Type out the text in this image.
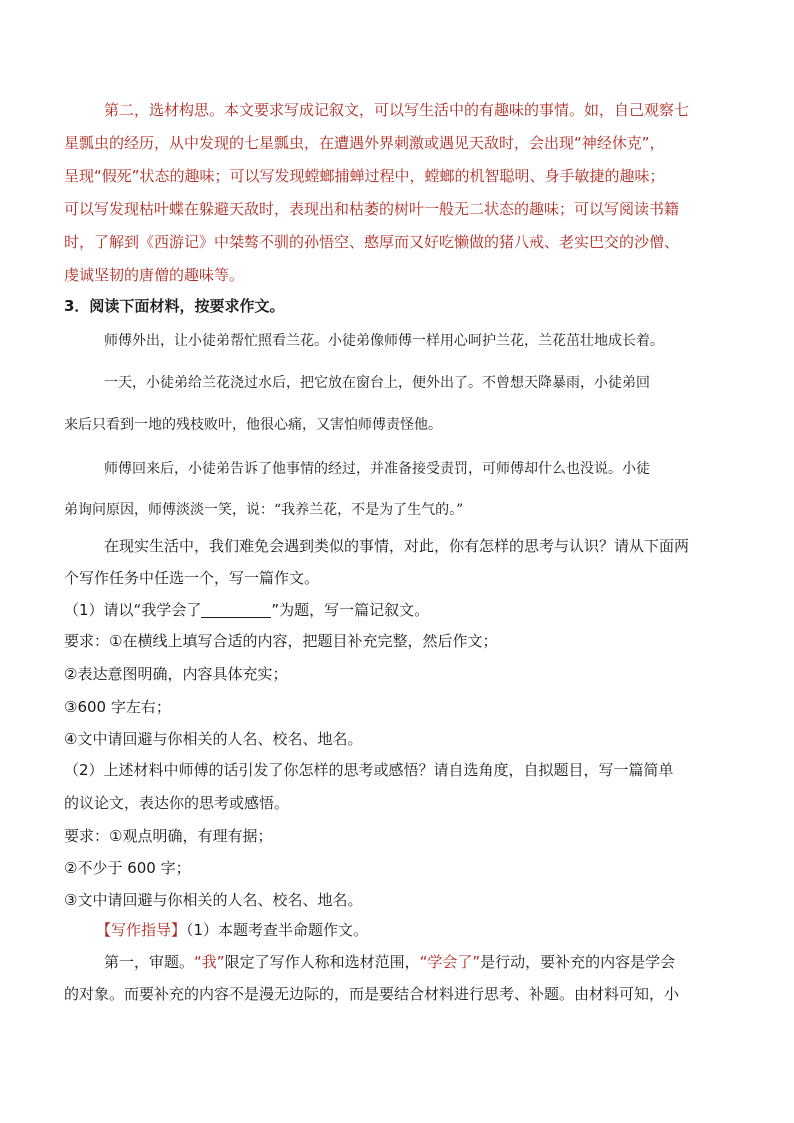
第二，选材构思。本文要求写成记叙文，可以写生活中的有趣味的事情。如，自己观察七
星瓢虫的经历，从中发现的七星瓢虫，在遭遇外界刺激或遇见天敌时，会出现“神经休克”，
呈现“假死”状态的趣味；可以写发现螳螂捕蝉过程中，螳螂的机智聪明、身手敏捷的趣味；
可以写发现枯叶蝶在躲避天敌时，表现出和枯萎的树叶一般无二状态的趣味；可以写阅读书籍
时，了解到《西游记》中桀骜不驯的孙悟空、憨厚而又好吃懒做的猪八戒、老实巴交的沙僧、
虔诚坚韧的唐僧的趣味等。
3．阅读下面材料，按要求作文。
师傅外出，让小徒弟帮忙照看兰花。小徒弟像师傅一样用心呵护兰花，兰花茁壮地成长着。
一天，小徒弟给兰花浇过水后，把它放在窗台上，便外出了。不曾想天降暴雨，小徒弟回
来后只看到一地的残枝败叶，他很心痛，又害怕师傅责怪他。
师傅回来后，小徒弟告诉了他事情的经过，并准备接受责罚，可师傅却什么也没说。小徒
弟询问原因，师傅淡淡一笑，说：“我养兰花，不是为了生气的。”
在现实生活中，我们难免会遇到类似的事情，对此，你有怎样的思考与认识？请从下面两
个写作任务中任选一个，写一篇作文。
（1）请以“我学会了	”为题，写一篇记叙文。
要求：①在横线上填写合适的内容，把题目补充完整，然后作文；
②表达意图明确，内容具体充实；
③600 字左右；
④文中请回避与你相关的人名、校名、地名。
（2）上述材料中师傅的话引发了你怎样的思考或感悟？请自选角度，自拟题目，写一篇简单
的议论文，表达你的思考或感悟。
要求：①观点明确，有理有据；
②不少于 600 字；
③文中请回避与你相关的人名、校名、地名。
【写作指导】（1）本题考查半命题作文。
第一，审题。“我”限定了写作人称和选材范围，“学会了”是行动，要补充的内容是学会
的对象。而要补充的内容不是漫无边际的，而是要结合材料进行思考、补题。由材料可知，小
